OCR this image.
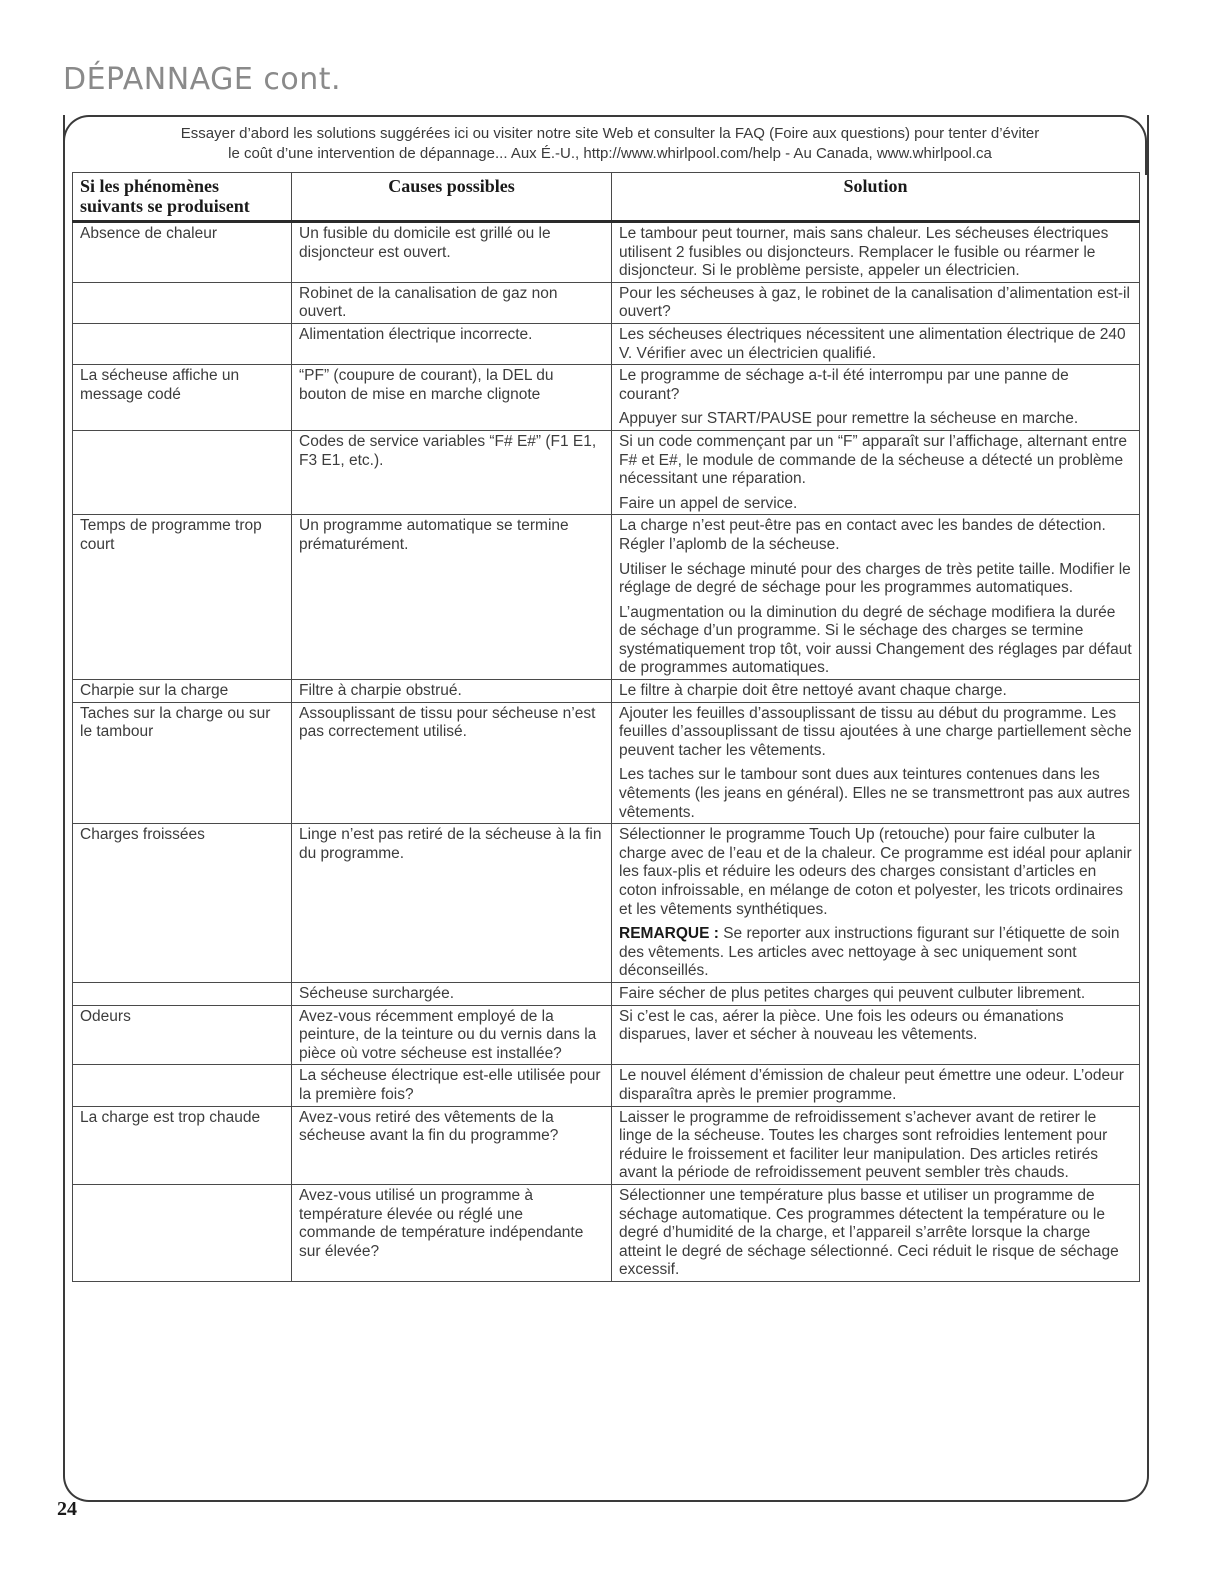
DÉPANNAGE cont.
Essayer d’abord les solutions suggérées ici ou visiter notre site Web et consulter la FAQ (Foire aux questions) pour tenter d’éviter
le coût d’une intervention de dépannage... Aux É.-U., http://www.whirlpool.com/help - Au Canada, www.whirlpool.ca
Si les phénomènes suivants se produisent	Causes possibles	Solution
Absence de chaleur	Un fusible du domicile est grillé ou le disjoncteur est ouvert.	Le tambour peut tourner, mais sans chaleur. Les sécheuses électriques utilisent 2 fusibles ou disjoncteurs. Remplacer le fusible ou réarmer le disjoncteur. Si le problème persiste, appeler un électricien.

	Robinet de la canalisation de gaz non ouvert.	Pour les sécheuses à gaz, le robinet de la canalisation d’alimentation est-il ouvert?

	Alimentation électrique incorrecte.	Les sécheuses électriques nécessitent une alimentation électrique de 240 V. Vérifier avec un électricien qualifié.

La sécheuse affiche un message codé	“PF” (coupure de courant), la DEL du bouton de mise en marche clignote	Le programme de séchage a-t-il été interrompu par une panne de courant?
Appuyer sur START/PAUSE pour remettre la sécheuse en marche.

	Codes de service variables “F# E#” (F1 E1, F3 E1, etc.).	Si un code commençant par un “F” apparaît sur l’affichage, alternant entre F# et E#, le module de commande de la sécheuse a détecté un problème nécessitant une réparation.
Faire un appel de service.

Temps de programme trop court	Un programme automatique se termine prématurément.	La charge n’est peut-être pas en contact avec les bandes de détection. Régler l’aplomb de la sécheuse.
Utiliser le séchage minuté pour des charges de très petite taille. Modifier le réglage de degré de séchage pour les programmes automatiques.
L’augmentation ou la diminution du degré de séchage modifiera la durée de séchage d’un programme. Si le séchage des charges se termine systématiquement trop tôt, voir aussi Changement des réglages par défaut de programmes automatiques.

Charpie sur la charge	Filtre à charpie obstrué.	Le filtre à charpie doit être nettoyé avant chaque charge.

Taches sur la charge ou sur le tambour	Assouplissant de tissu pour sécheuse n’est pas correctement utilisé.	Ajouter les feuilles d’assouplissant de tissu au début du programme. Les feuilles d’assouplissant de tissu ajoutées à une charge partiellement sèche peuvent tacher les vêtements.
Les taches sur le tambour sont dues aux teintures contenues dans les vêtements (les jeans en général). Elles ne se transmettront pas aux autres vêtements.

Charges froissées	Linge n’est pas retiré de la sécheuse à la fin du programme.	Sélectionner le programme Touch Up (retouche) pour faire culbuter la charge avec de l’eau et de la chaleur. Ce programme est idéal pour aplanir les faux-plis et réduire les odeurs des charges consistant d’articles en coton infroissable, en mélange de coton et polyester, les tricots ordinaires et les vêtements synthétiques.
REMARQUE : Se reporter aux instructions figurant sur l’étiquette de soin des vêtements. Les articles avec nettoyage à sec uniquement sont déconseillés.

	Sécheuse surchargée.	Faire sécher de plus petites charges qui peuvent culbuter librement.

Odeurs	Avez-vous récemment employé de la peinture, de la teinture ou du vernis dans la pièce où votre sécheuse est installée?	Si c’est le cas, aérer la pièce. Une fois les odeurs ou émanations disparues, laver et sécher à nouveau les vêtements.

	La sécheuse électrique est-elle utilisée pour la première fois?	Le nouvel élément d’émission de chaleur peut émettre une odeur. L’odeur disparaîtra après le premier programme.

La charge est trop chaude	Avez-vous retiré des vêtements de la sécheuse avant la fin du programme?	Laisser le programme de refroidissement s’achever avant de retirer le linge de la sécheuse. Toutes les charges sont refroidies lentement pour réduire le froissement et faciliter leur manipulation. Des articles retirés avant la période de refroidissement peuvent sembler très chauds.

	Avez-vous utilisé un programme à température élevée ou réglé une commande de température indépendante sur élevée?	Sélectionner une température plus basse et utiliser un programme de séchage automatique. Ces programmes détectent la température ou le degré d’humidité de la charge, et l’appareil s’arrête lorsque la charge atteint le degré de séchage sélectionné. Ceci réduit le risque de séchage excessif.
24
